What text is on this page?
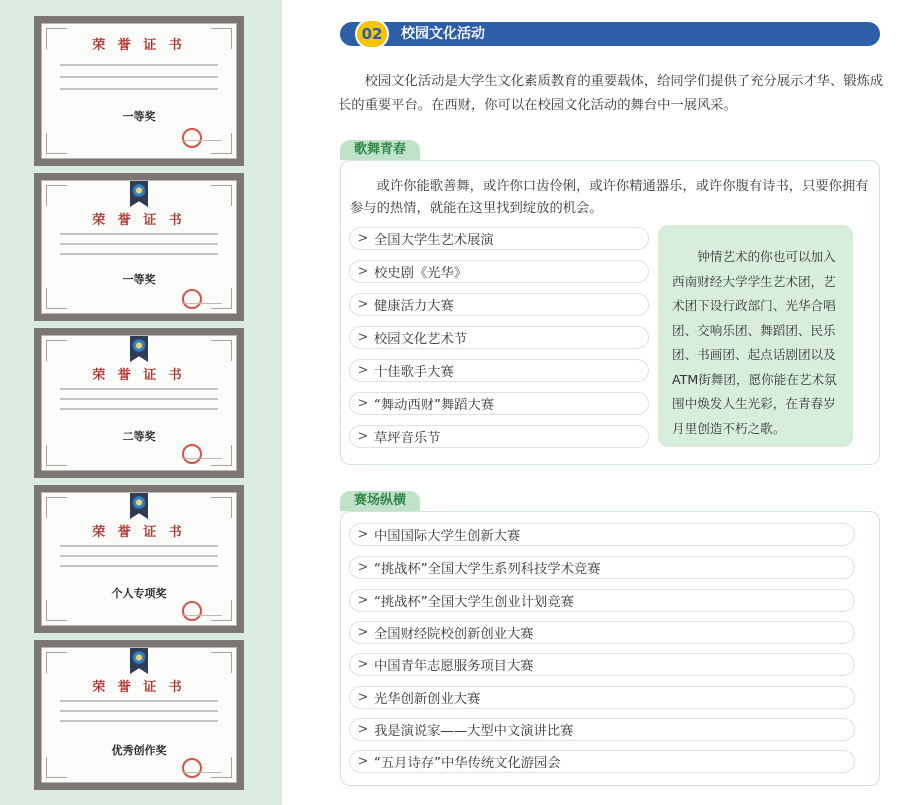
荣 誉 证 书
一等奖
荣 誉 证 书
一等奖
荣 誉 证 书
二等奖
荣 誉 证 书
个人专项奖
荣 誉 证 书
优秀创作奖
02	校园文化活动
校园文化活动是大学生文化素质教育的重要载体，给同学们提供了充分展示才华、锻炼成长的重要平台。在西财，你可以在校园文化活动的舞台中一展风采。
歌舞青春
或许你能歌善舞，或许你口齿伶俐，或许你精通器乐，或许你腹有诗书，只要你拥有参与的热情，就能在这里找到绽放的机会。
> 全国大学生艺术展演
> 校史剧《光华》
> 健康活力大赛
> 校园文化艺术节
> 十佳歌手大赛
> “舞动西财”舞蹈大赛
> 草坪音乐节
钟情艺术的你也可以加入西南财经大学学生艺术团，艺术团下设行政部门、光华合唱团、交响乐团、舞蹈团、民乐团、书画团、起点话剧团以及ATM街舞团，愿你能在艺术氛围中焕发人生光彩，在青春岁月里创造不朽之歌。
赛场纵横
> 中国国际大学生创新大赛
> “挑战杯”全国大学生系列科技学术竞赛
> “挑战杯”全国大学生创业计划竞赛
> 全国财经院校创新创业大赛
> 中国青年志愿服务项目大赛
> 光华创新创业大赛
> 我是演说家——大型中文演讲比赛
> “五月诗存”中华传统文化游园会
